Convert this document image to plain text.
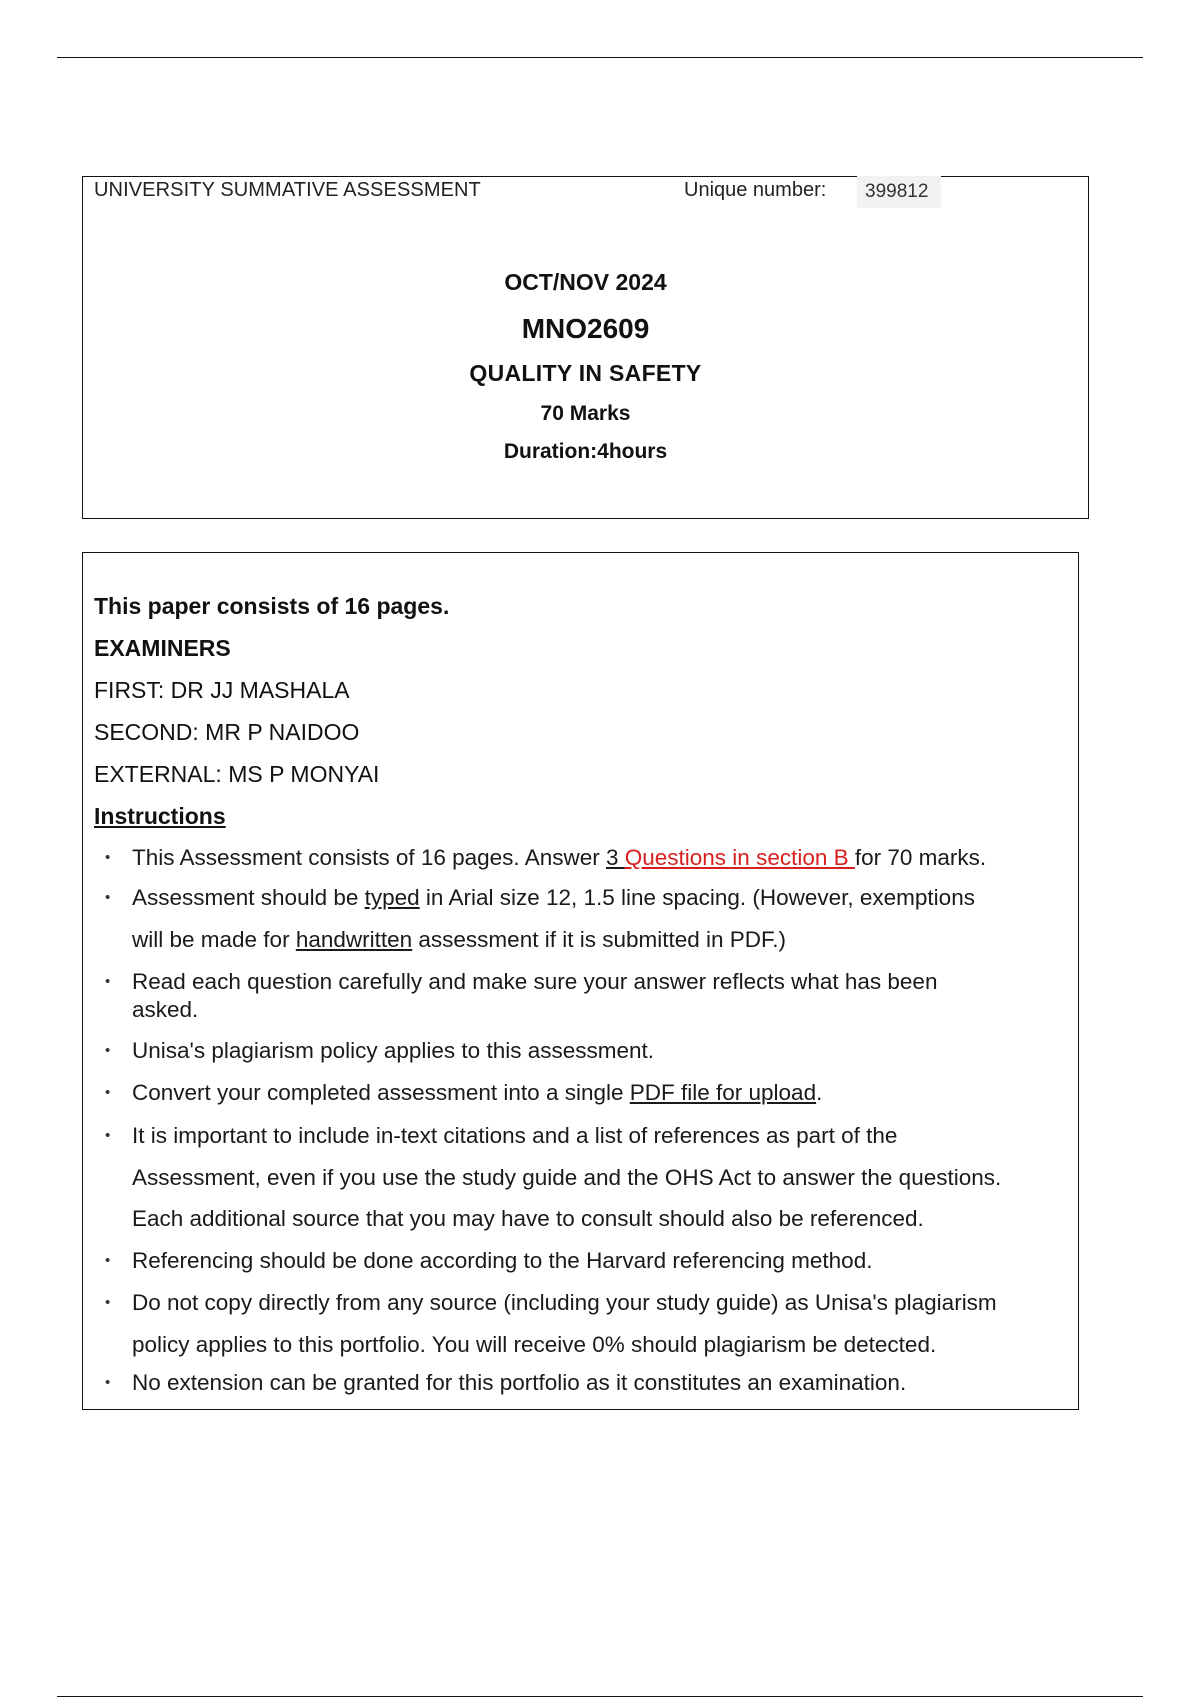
UNIVERSITY SUMMATIVE ASSESSMENT	Unique number:	399812
OCT/NOV 2024
MNO2609
QUALITY IN SAFETY
70 Marks
Duration:4hours
This paper consists of 16 pages.
EXAMINERS
FIRST: DR JJ MASHALA
SECOND: MR P NAIDOO
EXTERNAL: MS P MONYAI
Instructions
• This Assessment consists of 16 pages. Answer 3 Questions in section B for 70 marks.
• Assessment should be typed in Arial size 12, 1.5 line spacing. (However, exemptions
will be made for handwritten assessment if it is submitted in PDF.)
• Read each question carefully and make sure your answer reflects what has been
asked.
• Unisa's plagiarism policy applies to this assessment.
• Convert your completed assessment into a single PDF file for upload.
• It is important to include in-text citations and a list of references as part of the
Assessment, even if you use the study guide and the OHS Act to answer the questions.
Each additional source that you may have to consult should also be referenced.
• Referencing should be done according to the Harvard referencing method.
• Do not copy directly from any source (including your study guide) as Unisa's plagiarism
policy applies to this portfolio. You will receive 0% should plagiarism be detected.
• No extension can be granted for this portfolio as it constitutes an examination.
